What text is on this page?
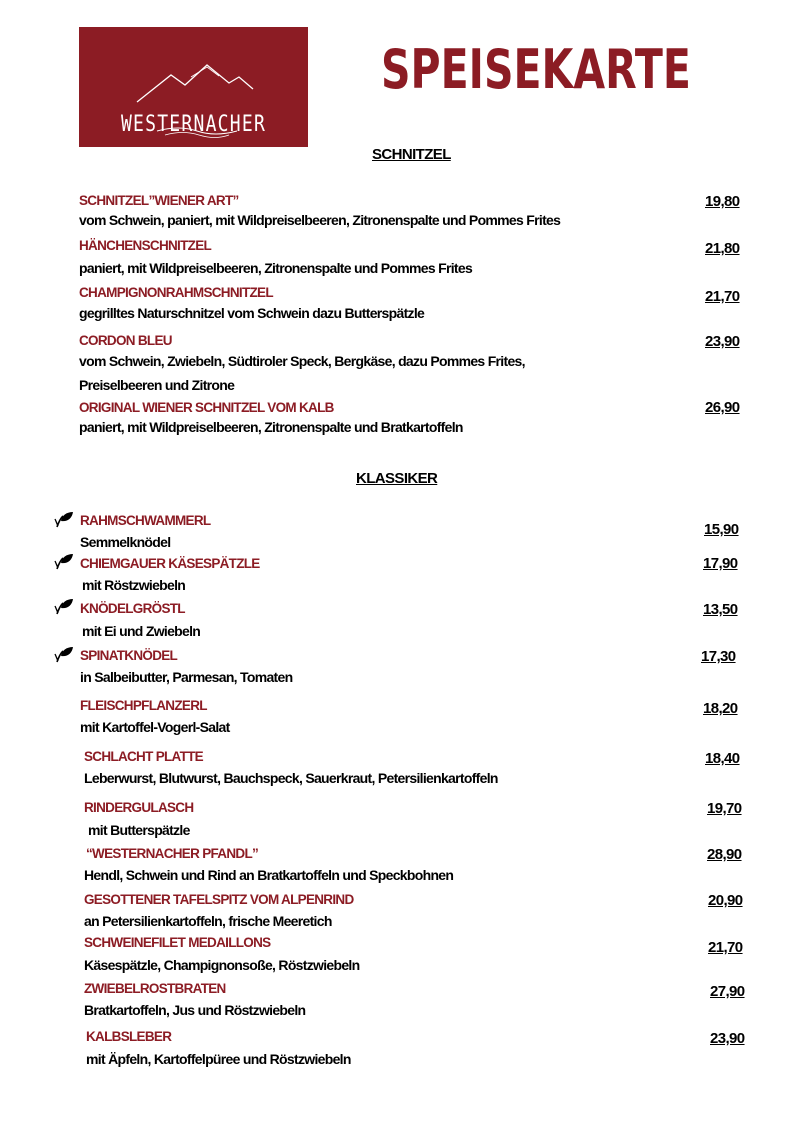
WESTERNACHER
SPEISEKARTE
SCHNITZEL
SCHNITZEL”WIENER ART”
vom Schwein, paniert, mit Wildpreiselbeeren, Zitronenspalte und Pommes Frites
19,80
HÄNCHENSCHNITZEL
paniert, mit Wildpreiselbeeren, Zitronenspalte und Pommes Frites
21,80
CHAMPIGNONRAHMSCHNITZEL
gegrilltes Naturschnitzel vom Schwein dazu Butterspätzle
21,70
CORDON BLEU
vom Schwein, Zwiebeln, Südtiroler Speck, Bergkäse, dazu Pommes Frites,
Preiselbeeren und Zitrone
23,90
ORIGINAL WIENER SCHNITZEL VOM KALB
paniert, mit Wildpreiselbeeren, Zitronenspalte und Bratkartoffeln
26,90
KLASSIKER
RAHMSCHWAMMERL
Semmelknödel
15,90
CHIEMGAUER KÄSESPÄTZLE
mit Röstzwiebeln
17,90
KNÖDELGRÖSTL
mit Ei und Zwiebeln
13,50
SPINATKNÖDEL
in Salbeibutter, Parmesan, Tomaten
17,30
FLEISCHPFLANZERL
mit Kartoffel-Vogerl-Salat
18,20
SCHLACHT PLATTE
Leberwurst, Blutwurst, Bauchspeck, Sauerkraut, Petersilienkartoffeln
18,40
RINDERGULASCH
mit Butterspätzle
19,70
“WESTERNACHER PFANDL”
Hendl, Schwein und Rind an Bratkartoffeln und Speckbohnen
28,90
GESOTTENER TAFELSPITZ VOM ALPENRIND
an Petersilienkartoffeln, frische Meeretich
20,90
SCHWEINEFILET MEDAILLONS
Käsespätzle, Champignonsoße, Röstzwiebeln
21,70
ZWIEBELROSTBRATEN
Bratkartoffeln, Jus und Röstzwiebeln
27,90
KALBSLEBER
mit Äpfeln, Kartoffelpüree und Röstzwiebeln
23,90
